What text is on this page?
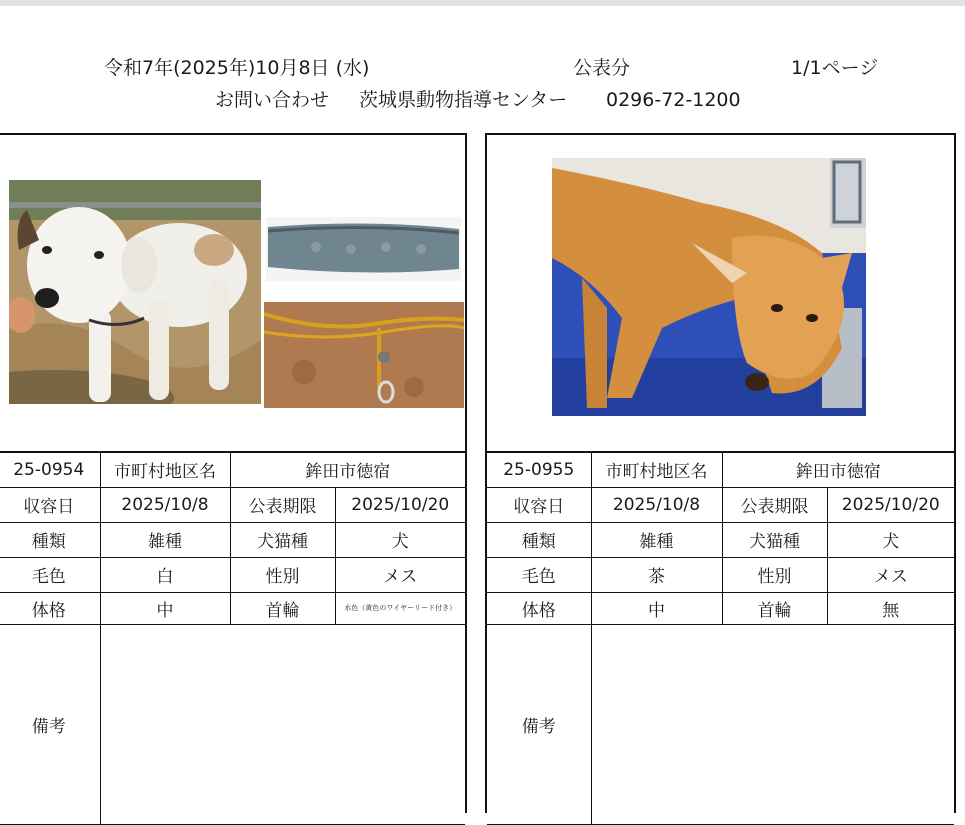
令和7年(2025年)10月8日 (水)	公表分	1/1ページ
お問い合わせ 茨城県動物指導センター 0296-72-1200
25-0954	市町村地区名	鉾田市徳宿	
収容日	2025/10/8	公表期限	2025/10/20
種類	雑種	犬猫種	犬
毛色	白	性別	メス
体格	中	首輪	水色（黄色のワイヤーリード付き）
備考			
25-0955	市町村地区名	鉾田市徳宿	
収容日	2025/10/8	公表期限	2025/10/20
種類	雑種	犬猫種	犬
毛色	茶	性別	メス
体格	中	首輪	無
備考			
